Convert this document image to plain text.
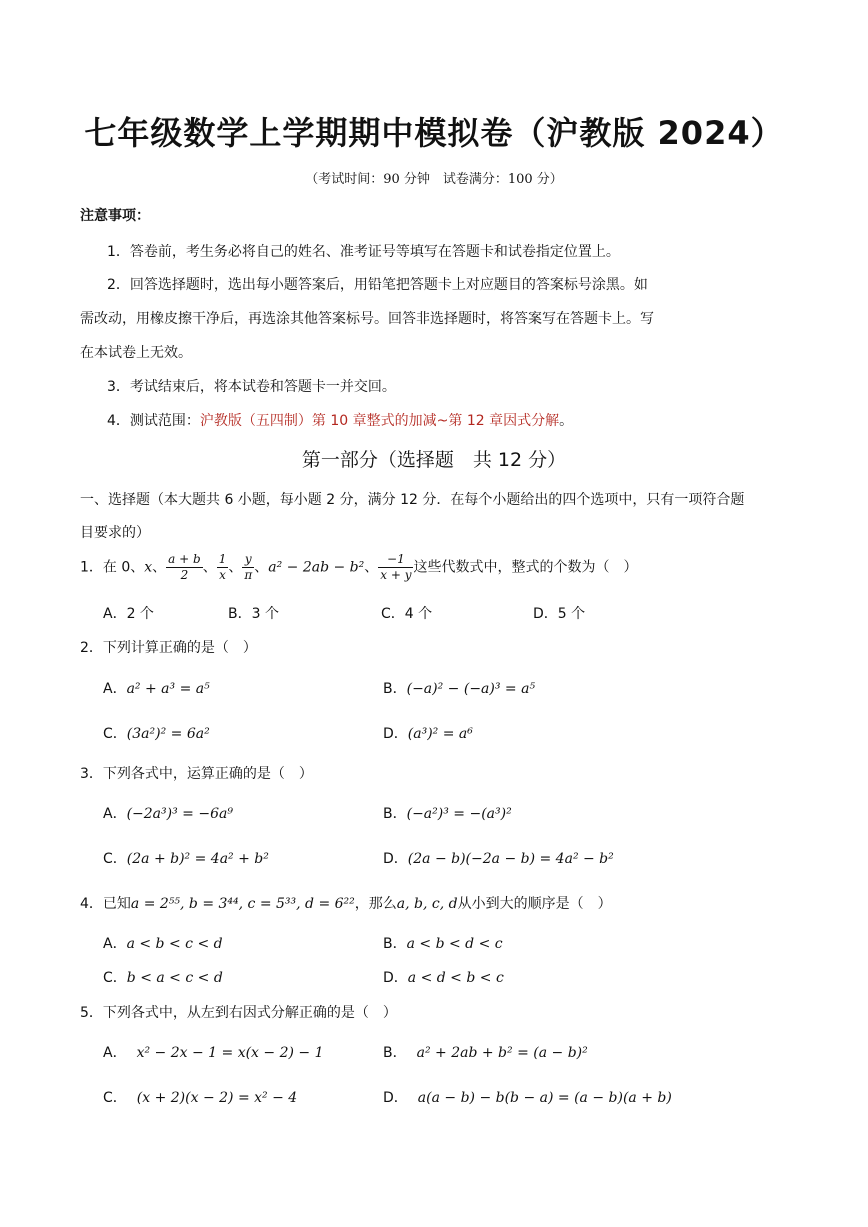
七年级数学上学期期中模拟卷（沪教版 2024）
（考试时间：90 分钟　试卷满分：100 分）
注意事项：
1．答卷前，考生务必将自己的姓名、准考证号等填写在答题卡和试卷指定位置上。
2．回答选择题时，选出每小题答案后，用铅笔把答题卡上对应题目的答案标号涂黑。如
需改动，用橡皮擦干净后，再选涂其他答案标号。回答非选择题时，将答案写在答题卡上。写
在本试卷上无效。
3．考试结束后，将本试卷和答题卡一并交回。
4．测试范围：沪教版（五四制）第 10 章整式的加减~第 12 章因式分解。
第一部分（选择题　共 12 分）
一、选择题（本大题共 6 小题，每小题 2 分，满分 12 分．在每个小题给出的四个选项中，只有一项符合题
目要求的）
1．在 0、x、 $\frac{a + b}{2}$ 、 $\frac{1}{x}$ 、 $\frac{y}{\pi}$ 、a² − 2ab − b²、 $\frac{-1}{x + y}$ 这些代数式中，整式的个数为（　）
A．2 个	B．3 个	C．4 个	D．5 个
2．下列计算正确的是（　）
A．a² + a³ = a⁵	B．(−a)² − (−a)³ = a⁵
C．(3a²)² = 6a²	D．(a³)² = a⁶
3．下列各式中，运算正确的是（　）
A．(−2a³)³ = −6a⁹	B．(−a²)³ = −(a³)²
C．(2a + b)² = 4a² + b²	D．(2a − b)(−2a − b) = 4a² − b²
4．已知a = 2⁵⁵, b = 3⁴⁴, c = 5³³, d = 6²²，那么a, b, c, d从小到大的顺序是（　）
A．a < b < c < d	B．a < b < d < c
C．b < a < c < d	D．a < d < b < c
5．下列各式中，从左到右因式分解正确的是（　）
A． x² − 2x − 1 = x(x − 2) − 1	B． a² + 2ab + b² = (a − b)²
C． (x + 2)(x − 2) = x² − 4	D． a(a − b) − b(b − a) = (a − b)(a + b)
